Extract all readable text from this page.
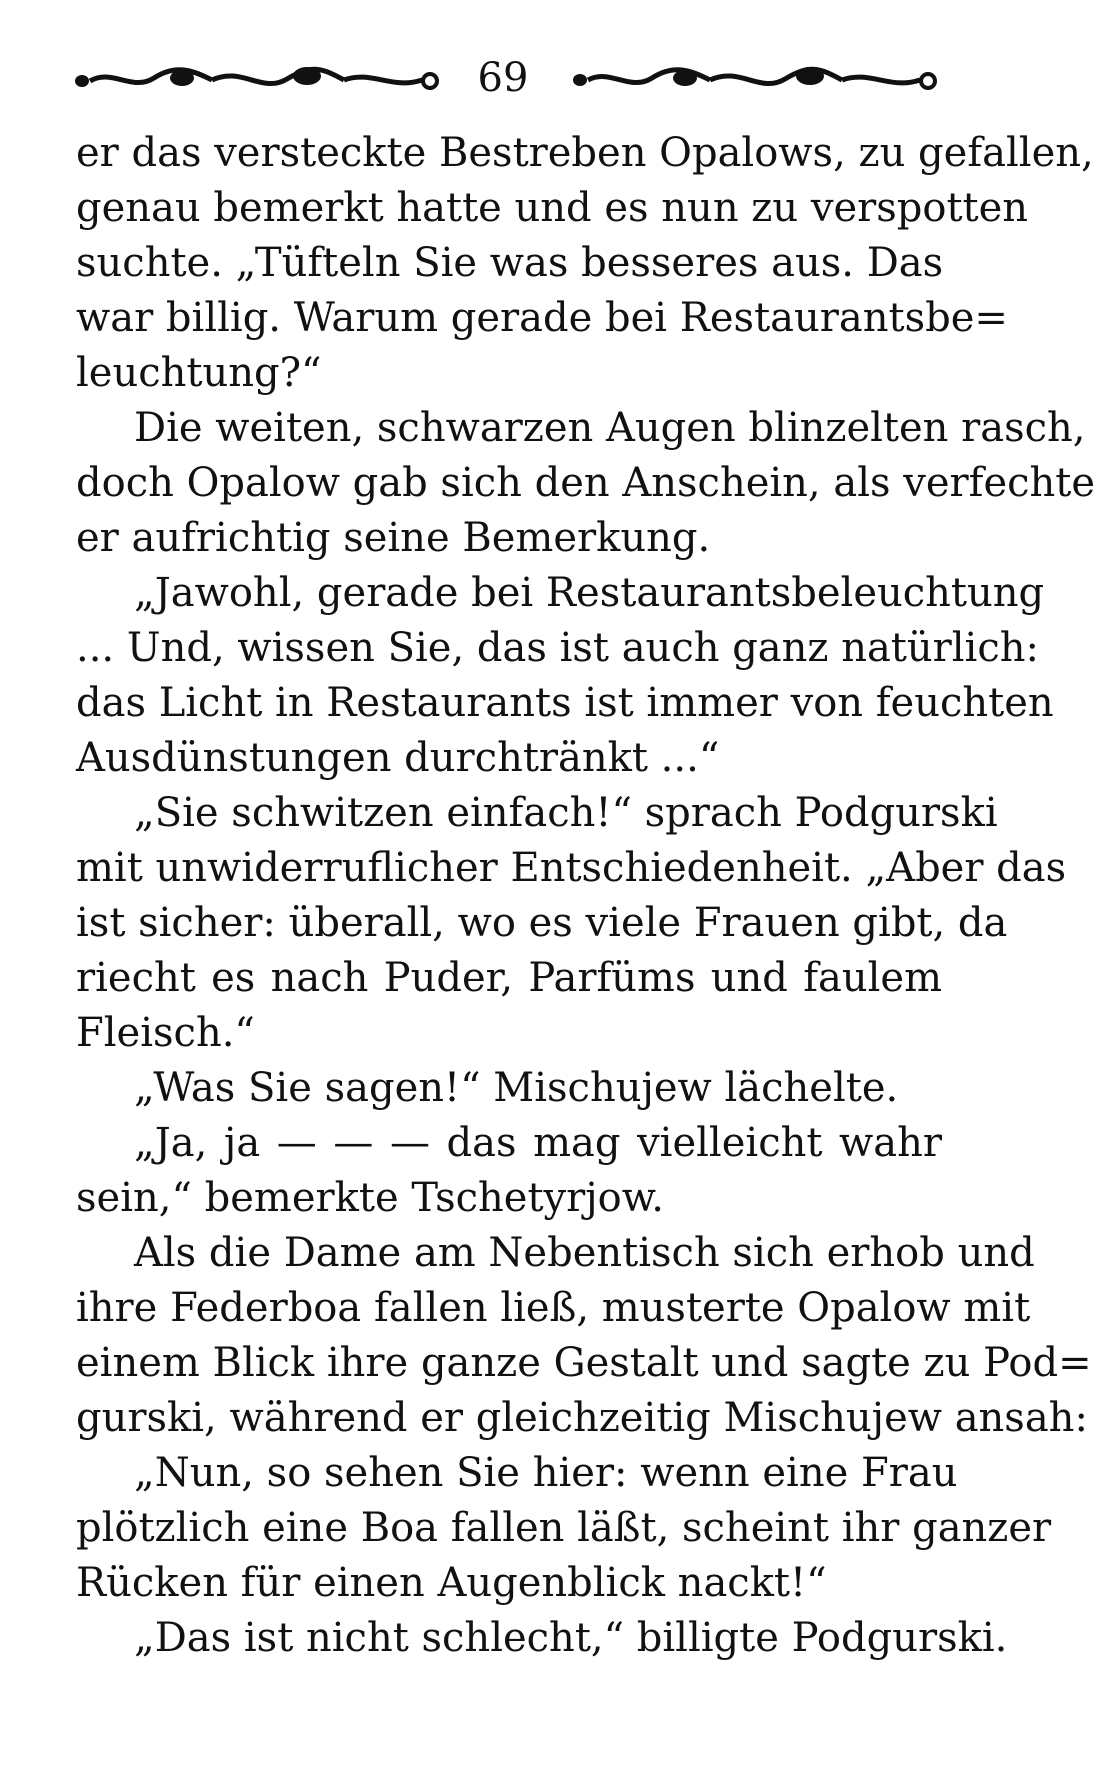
69
er das versteckte Bestreben Opalows, zu gefallen,
genau bemerkt hatte und es nun zu verspotten
suchte. „Tüfteln Sie was besseres aus. Das
war billig. Warum gerade bei Restaurantsbe=
leuchtung?“
Die weiten, schwarzen Augen blinzelten rasch,
doch Opalow gab sich den Anschein, als verfechte
er aufrichtig seine Bemerkung.
„Jawohl, gerade bei Restaurantsbeleuchtung
... Und, wissen Sie, das ist auch ganz natürlich:
das Licht in Restaurants ist immer von feuchten
Ausdünstungen durchtränkt ...“
„Sie schwitzen einfach!“ sprach Podgurski
mit unwiderruflicher Entschiedenheit. „Aber das
ist sicher: überall, wo es viele Frauen gibt, da
riecht es nach Puder, Parfüms und faulem
Fleisch.“
„Was Sie sagen!“ Mischujew lächelte.
„Ja, ja — — — das mag vielleicht wahr
sein,“ bemerkte Tschetyrjow.
Als die Dame am Nebentisch sich erhob und
ihre Federboa fallen ließ, musterte Opalow mit
einem Blick ihre ganze Gestalt und sagte zu Pod=
gurski, während er gleichzeitig Mischujew ansah:
„Nun, so sehen Sie hier: wenn eine Frau
plötzlich eine Boa fallen läßt, scheint ihr ganzer
Rücken für einen Augenblick nackt!“
„Das ist nicht schlecht,“ billigte Podgurski.
